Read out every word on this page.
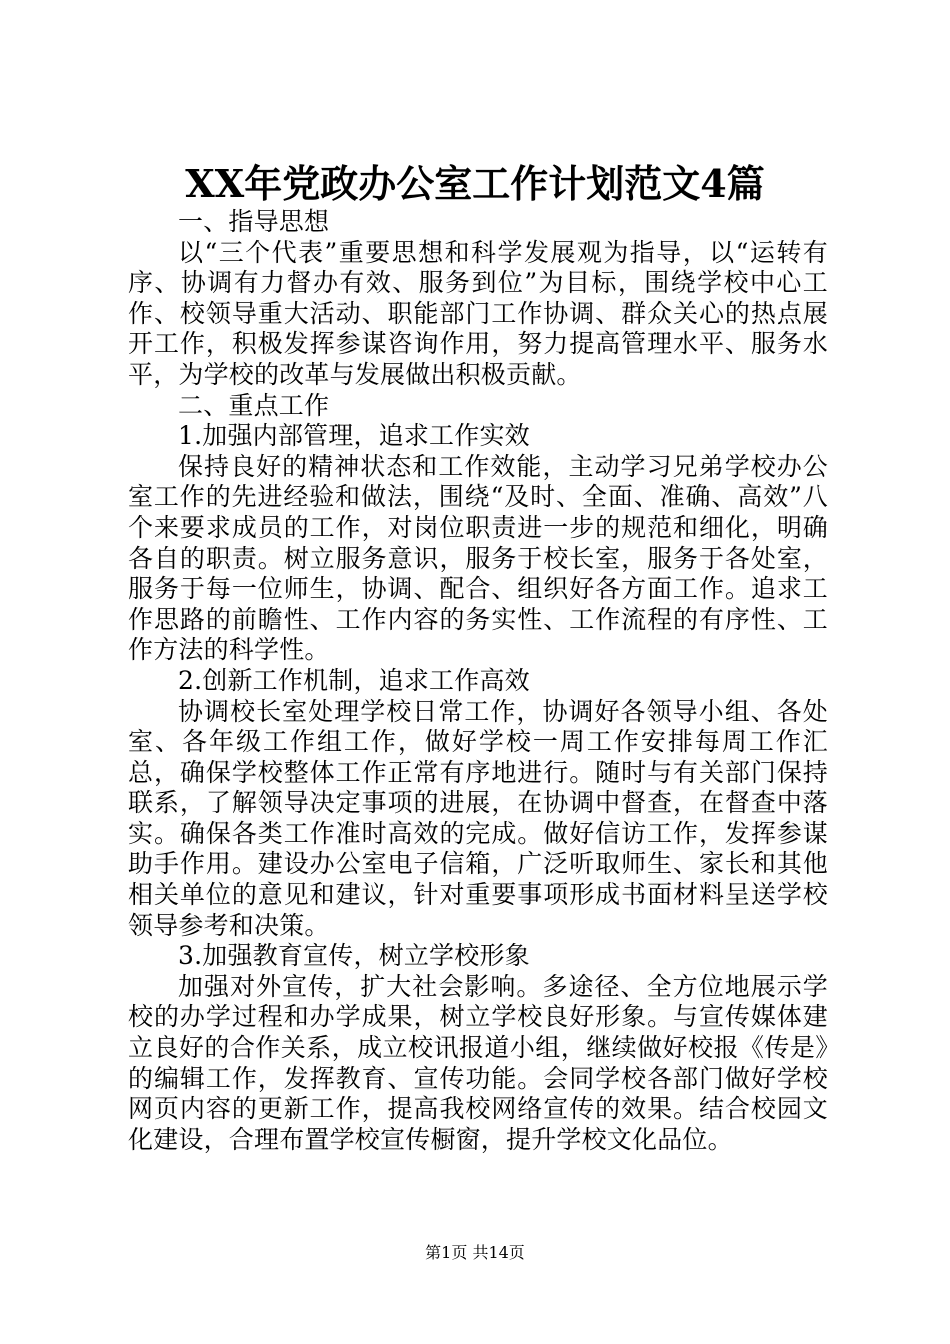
XX年党政办公室工作计划范文4篇

一、指导思想

以“三个代表”重要思想和科学发展观为指导，以“运转有序、协调有力督办有效、服务到位”为目标，围绕学校中心工作、校领导重大活动、职能部门工作协调、群众关心的热点展开工作，积极发挥参谋咨询作用，努力提高管理水平、服务水平，为学校的改革与发展做出积极贡献。

二、重点工作

1.加强内部管理，追求工作实效

保持良好的精神状态和工作效能，主动学习兄弟学校办公室工作的先进经验和做法，围绕“及时、全面、准确、高效”八个来要求成员的工作，对岗位职责进一步的规范和细化，明确各自的职责。树立服务意识，服务于校长室，服务于各处室，服务于每一位师生，协调、配合、组织好各方面工作。追求工作思路的前瞻性、工作内容的务实性、工作流程的有序性、工作方法的科学性。

2.创新工作机制，追求工作高效

协调校长室处理学校日常工作，协调好各领导小组、各处室、各年级工作组工作，做好学校一周工作安排每周工作汇总，确保学校整体工作正常有序地进行。随时与有关部门保持联系，了解领导决定事项的进展，在协调中督查，在督查中落实。确保各类工作准时高效的完成。做好信访工作，发挥参谋助手作用。建设办公室电子信箱，广泛听取师生、家长和其他相关单位的意见和建议，针对重要事项形成书面材料呈送学校领导参考和决策。

3.加强教育宣传，树立学校形象

加强对外宣传，扩大社会影响。多途径、全方位地展示学校的办学过程和办学成果，树立学校良好形象。与宣传媒体建立良好的合作关系，成立校讯报道小组，继续做好校报《传是》的编辑工作，发挥教育、宣传功能。会同学校各部门做好学校网页内容的更新工作，提高我校网络宣传的效果。结合校园文化建设，合理布置学校宣传橱窗，提升学校文化品位。

第1页 共14页
